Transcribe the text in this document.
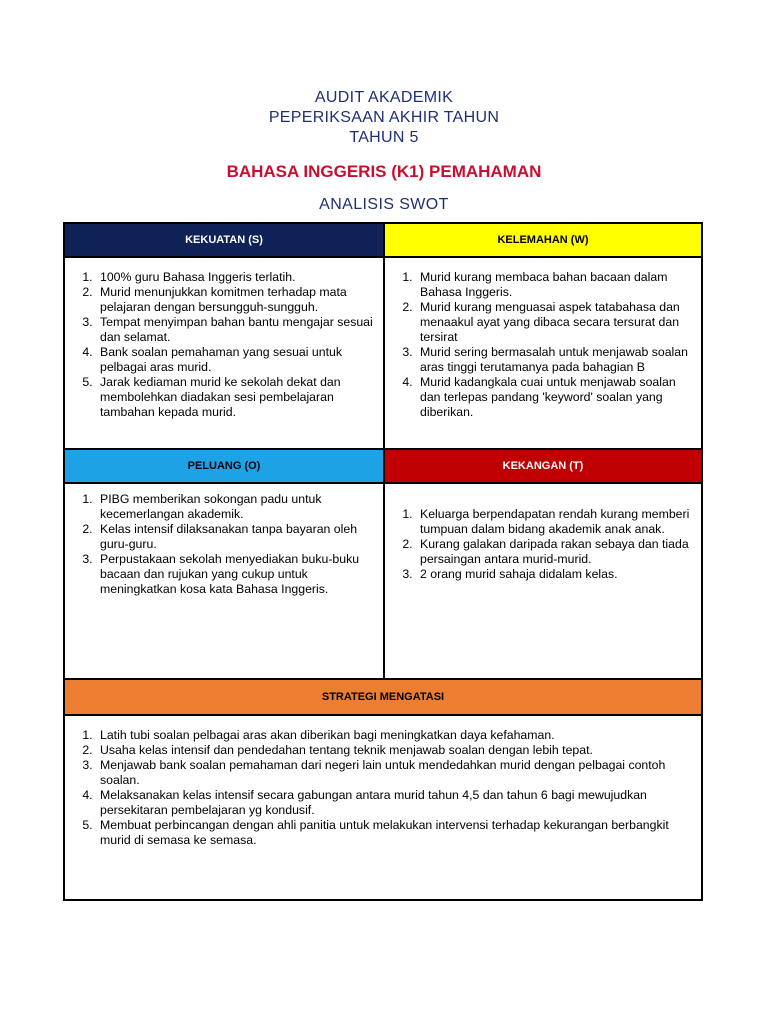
AUDIT AKADEMIK
PEPERIKSAAN AKHIR TAHUN
TAHUN 5
BAHASA INGGERIS (K1) PEMAHAMAN
ANALISIS SWOT
KEKUATAN (S)	KELEMAHAN (W)
PELUANG (O)	KEKANGAN (T)
STRATEGI MENGATASI
1. 100% guru Bahasa Inggeris terlatih.
2. Murid menunjukkan komitmen terhadap mata pelajaran dengan bersungguh-sungguh.
3. Tempat menyimpan bahan bantu mengajar sesuai dan selamat.
4. Bank soalan pemahaman yang sesuai untuk pelbagai aras murid.
5. Jarak kediaman murid ke sekolah dekat dan membolehkan diadakan sesi pembelajaran tambahan kepada murid.
1. Murid kurang membaca bahan bacaan dalam Bahasa Inggeris.
2. Murid kurang menguasai aspek tatabahasa dan menaakul ayat yang dibaca secara tersurat dan tersirat
3. Murid sering bermasalah untuk menjawab soalan aras tinggi terutamanya pada bahagian B
4. Murid kadangkala cuai untuk menjawab soalan dan terlepas pandang 'keyword' soalan yang diberikan.
1. PIBG memberikan sokongan padu untuk kecemerlangan akademik.
2. Kelas intensif dilaksanakan tanpa bayaran oleh guru-guru.
3. Perpustakaan sekolah menyediakan buku-buku bacaan dan rujukan yang cukup untuk meningkatkan kosa kata Bahasa Inggeris.
1. Keluarga berpendapatan rendah kurang memberi tumpuan dalam bidang akademik anak anak.
2. Kurang galakan daripada rakan sebaya dan tiada persaingan antara murid-murid.
3. 2 orang murid sahaja didalam kelas.
1. Latih tubi soalan pelbagai aras akan diberikan bagi meningkatkan daya kefahaman.
2. Usaha kelas intensif dan pendedahan tentang teknik menjawab soalan dengan lebih tepat.
3. Menjawab bank soalan pemahaman dari negeri lain untuk mendedahkan murid dengan pelbagai contoh soalan.
4. Melaksanakan kelas intensif secara gabungan antara murid tahun 4,5 dan tahun 6 bagi mewujudkan persekitaran pembelajaran yg kondusif.
5. Membuat perbincangan dengan ahli panitia untuk melakukan intervensi terhadap kekurangan berbangkit murid di semasa ke semasa.
